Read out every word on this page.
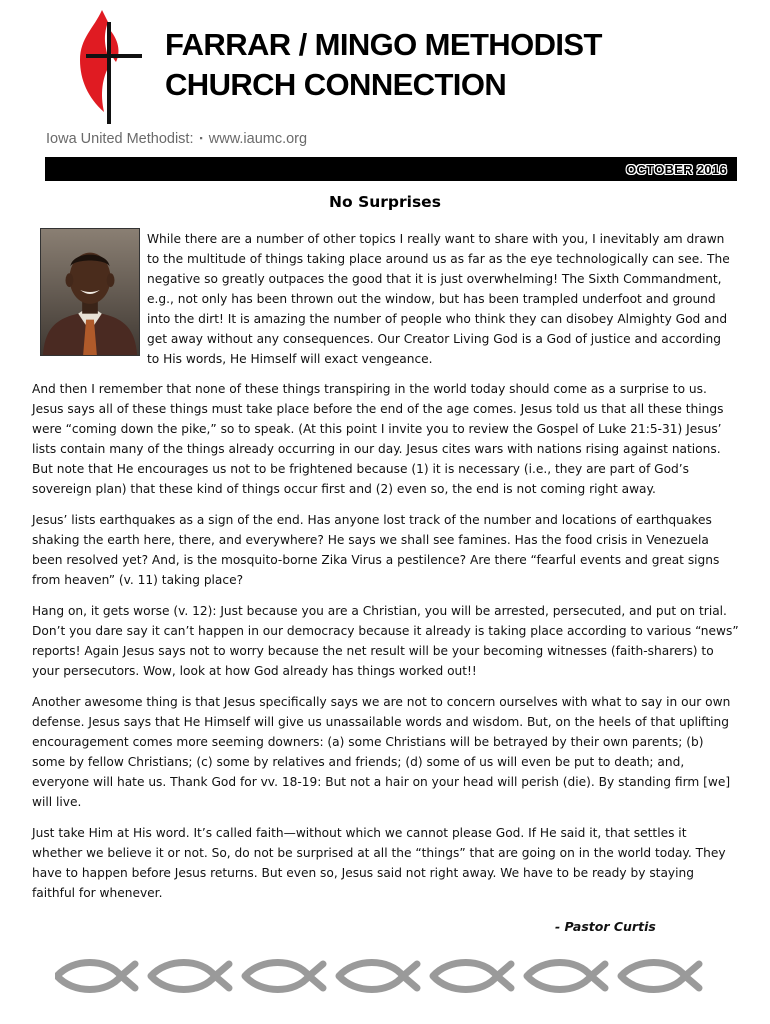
FARRAR / MINGO METHODIST
CHURCH CONNECTION
Iowa United Methodist: ▪ www.iaumc.org
OCTOBER 2016
No Surprises

While there are a number of other topics I really want to share with you, I inevitably am drawn to the multitude of things taking place around us as far as the eye technologically can see. The negative so greatly outpaces the good that it is just overwhelming! The Sixth Commandment, e.g., not only has been thrown out the window, but has been trampled underfoot and ground into the dirt! It is amazing the number of people who think they can disobey Almighty God and get away without any consequences. Our Creator Living God is a God of justice and according to His words, He Himself will exact vengeance.

And then I remember that none of these things transpiring in the world today should come as a surprise to us. Jesus says all of these things must take place before the end of the age comes. Jesus told us that all these things were “coming down the pike,” so to speak. (At this point I invite you to review the Gospel of Luke 21:5-31) Jesus’ lists contain many of the things already occurring in our day. Jesus cites wars with nations rising against nations. But note that He encourages us not to be frightened because (1) it is necessary (i.e., they are part of God’s sovereign plan) that these kind of things occur first and (2) even so, the end is not coming right away.

Jesus’ lists earthquakes as a sign of the end. Has anyone lost track of the number and locations of earthquakes shaking the earth here, there, and everywhere? He says we shall see famines. Has the food crisis in Venezuela been resolved yet? And, is the mosquito-borne Zika Virus a pestilence? Are there “fearful events and great signs from heaven” (v. 11) taking place?

Hang on, it gets worse (v. 12): Just because you are a Christian, you will be arrested, persecuted, and put on trial. Don’t you dare say it can’t happen in our democracy because it already is taking place according to various “news” reports! Again Jesus says not to worry because the net result will be your becoming witnesses (faith-sharers) to your persecutors. Wow, look at how God already has things worked out!!

Another awesome thing is that Jesus specifically says we are not to concern ourselves with what to say in our own defense. Jesus says that He Himself will give us unassailable words and wisdom. But, on the heels of that uplifting encouragement comes more seeming downers: (a) some Christians will be betrayed by their own parents; (b) some by fellow Christians; (c) some by relatives and friends; (d) some of us will even be put to death; and, everyone will hate us. Thank God for vv. 18-19: But not a hair on your head will perish (die). By standing firm [we] will live.

Just take Him at His word. It’s called faith—without which we cannot please God. If He said it, that settles it whether we believe it or not. So, do not be surprised at all the “things” that are going on in the world today. They have to happen before Jesus returns. But even so, Jesus said not right away. We have to be ready by staying faithful for whenever.

- Pastor Curtis
